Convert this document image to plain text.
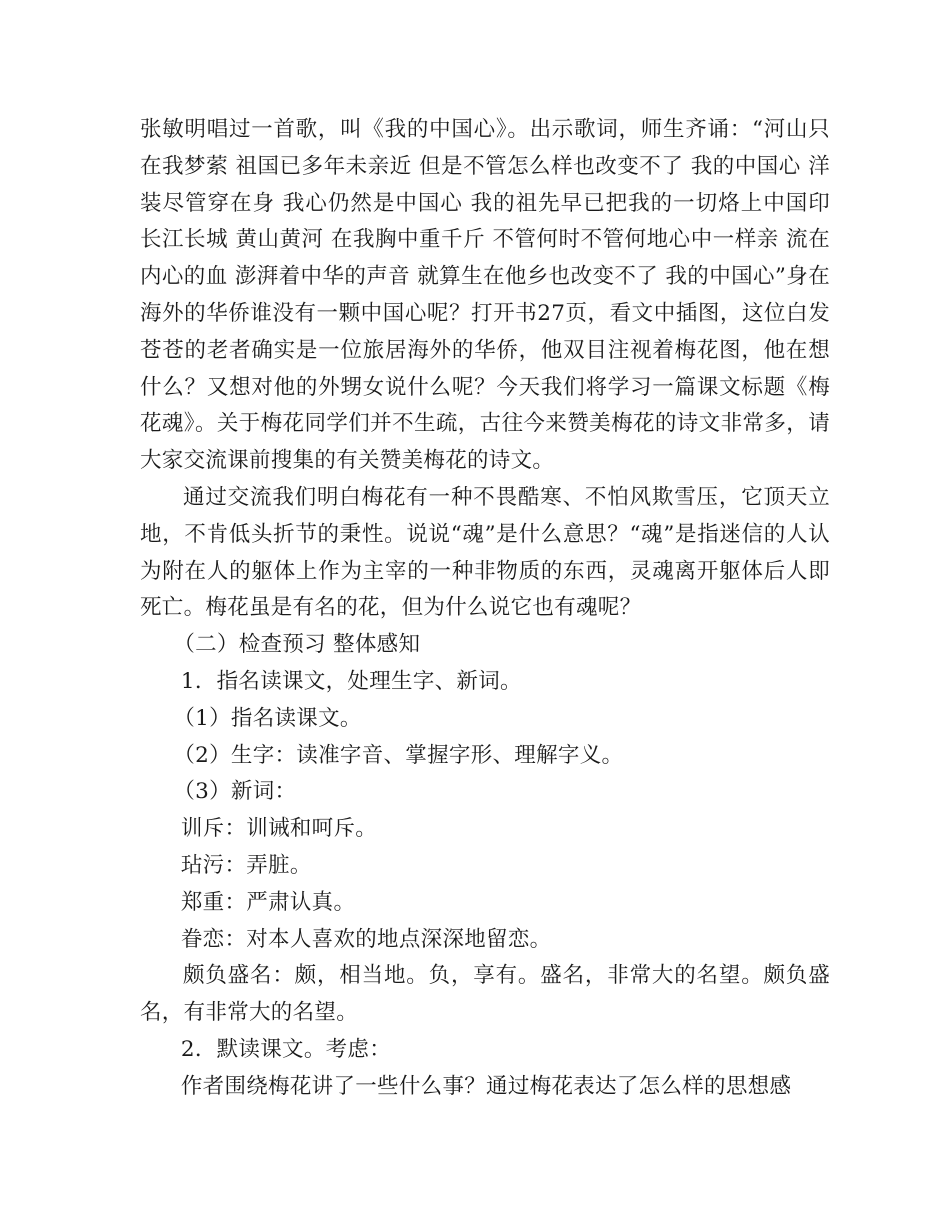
张敏明唱过一首歌，叫《我的中国心》。出示歌词，师生齐诵：“河山只在我梦萦 祖国已多年未亲近 但是不管怎么样也改变不了 我的中国心 洋装尽管穿在身 我心仍然是中国心 我的祖先早已把我的一切烙上中国印 长江长城 黄山黄河 在我胸中重千斤 不管何时不管何地心中一样亲 流在内心的血 澎湃着中华的声音 就算生在他乡也改变不了 我的中国心”身在海外的华侨谁没有一颗中国心呢？打开书27页，看文中插图，这位白发苍苍的老者确实是一位旅居海外的华侨，他双目注视着梅花图，他在想什么？又想对他的外甥女说什么呢？今天我们将学习一篇课文标题《梅花魂》。关于梅花同学们并不生疏，古往今来赞美梅花的诗文非常多，请大家交流课前搜集的有关赞美梅花的诗文。

通过交流我们明白梅花有一种不畏酷寒、不怕风欺雪压，它顶天立地，不肯低头折节的秉性。说说“魂”是什么意思？“魂”是指迷信的人认为附在人的躯体上作为主宰的一种非物质的东西，灵魂离开躯体后人即死亡。梅花虽是有名的花，但为什么说它也有魂呢？

（二）检查预习 整体感知

1．指名读课文，处理生字、新词。

（1）指名读课文。

（2）生字：读准字音、掌握字形、理解字义。

（3）新词：

训斥：训诫和呵斥。

玷污：弄脏。

郑重：严肃认真。

眷恋：对本人喜欢的地点深深地留恋。

颇负盛名：颇，相当地。负，享有。盛名，非常大的名望。颇负盛名，有非常大的名望。

2．默读课文。考虑：

作者围绕梅花讲了一些什么事？通过梅花表达了怎么样的思想感
